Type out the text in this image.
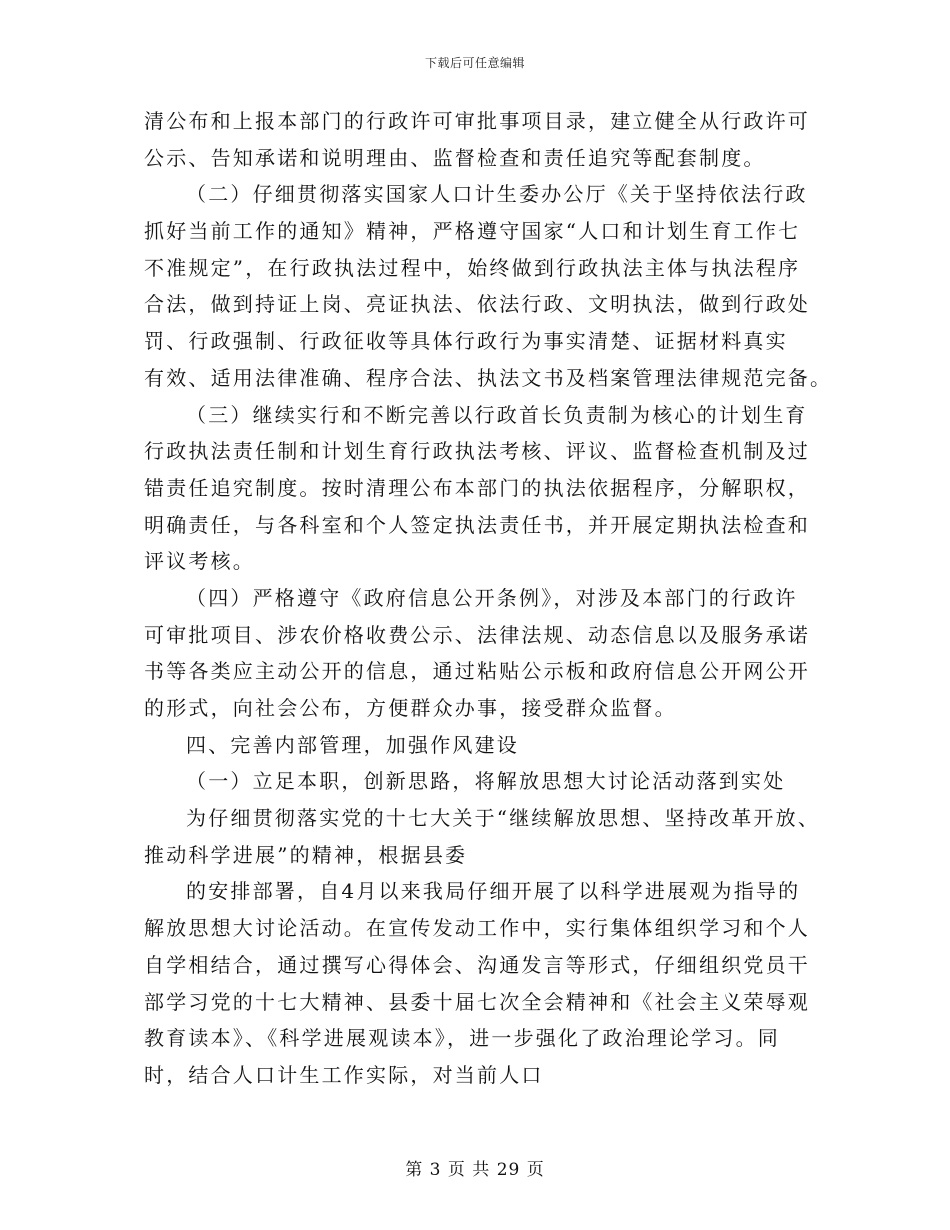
下载后可任意编辑
清公布和上报本部门的行政许可审批事项目录，建立健全从行政许可
公示、告知承诺和说明理由、监督检查和责任追究等配套制度。
（二）仔细贯彻落实国家人口计生委办公厅《关于坚持依法行政
抓好当前工作的通知》精神，严格遵守国家“人口和计划生育工作七
不准规定”，在行政执法过程中，始终做到行政执法主体与执法程序
合法，做到持证上岗、亮证执法、依法行政、文明执法，做到行政处
罚、行政强制、行政征收等具体行政行为事实清楚、证据材料真实
有效、适用法律准确、程序合法、执法文书及档案管理法律规范完备。
（三）继续实行和不断完善以行政首长负责制为核心的计划生育
行政执法责任制和计划生育行政执法考核、评议、监督检查机制及过
错责任追究制度。按时清理公布本部门的执法依据程序，分解职权，
明确责任，与各科室和个人签定执法责任书，并开展定期执法检查和
评议考核。
（四）严格遵守《政府信息公开条例》，对涉及本部门的行政许
可审批项目、涉农价格收费公示、法律法规、动态信息以及服务承诺
书等各类应主动公开的信息，通过粘贴公示板和政府信息公开网公开
的形式，向社会公布，方便群众办事，接受群众监督。
四、完善内部管理，加强作风建设
（一）立足本职，创新思路，将解放思想大讨论活动落到实处
为仔细贯彻落实党的十七大关于“继续解放思想、坚持改革开放、
推动科学进展”的精神，根据县委
的安排部署，自4月以来我局仔细开展了以科学进展观为指导的
解放思想大讨论活动。在宣传发动工作中，实行集体组织学习和个人
自学相结合，通过撰写心得体会、沟通发言等形式，仔细组织党员干
部学习党的十七大精神、县委十届七次全会精神和《社会主义荣辱观
教育读本》、《科学进展观读本》，进一步强化了政治理论学习。同
时，结合人口计生工作实际，对当前人口
第 3 页 共 29 页
